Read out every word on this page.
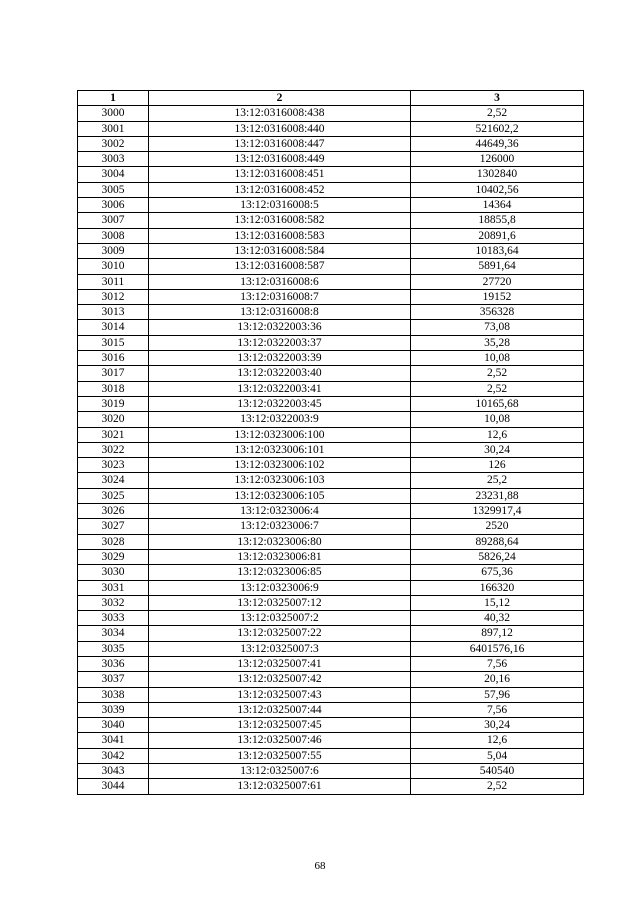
1	2	3
3000	13:12:0316008:438	2,52
3001	13:12:0316008:440	521602,2
3002	13:12:0316008:447	44649,36
3003	13:12:0316008:449	126000
3004	13:12:0316008:451	1302840
3005	13:12:0316008:452	10402,56
3006	13:12:0316008:5	14364
3007	13:12:0316008:582	18855,8
3008	13:12:0316008:583	20891,6
3009	13:12:0316008:584	10183,64
3010	13:12:0316008:587	5891,64
3011	13:12:0316008:6	27720
3012	13:12:0316008:7	19152
3013	13:12:0316008:8	356328
3014	13:12:0322003:36	73,08
3015	13:12:0322003:37	35,28
3016	13:12:0322003:39	10,08
3017	13:12:0322003:40	2,52
3018	13:12:0322003:41	2,52
3019	13:12:0322003:45	10165,68
3020	13:12:0322003:9	10,08
3021	13:12:0323006:100	12,6
3022	13:12:0323006:101	30,24
3023	13:12:0323006:102	126
3024	13:12:0323006:103	25,2
3025	13:12:0323006:105	23231,88
3026	13:12:0323006:4	1329917,4
3027	13:12:0323006:7	2520
3028	13:12:0323006:80	89288,64
3029	13:12:0323006:81	5826,24
3030	13:12:0323006:85	675,36
3031	13:12:0323006:9	166320
3032	13:12:0325007:12	15,12
3033	13:12:0325007:2	40,32
3034	13:12:0325007:22	897,12
3035	13:12:0325007:3	6401576,16
3036	13:12:0325007:41	7,56
3037	13:12:0325007:42	20,16
3038	13:12:0325007:43	57,96
3039	13:12:0325007:44	7,56
3040	13:12:0325007:45	30,24
3041	13:12:0325007:46	12,6
3042	13:12:0325007:55	5,04
3043	13:12:0325007:6	540540
3044	13:12:0325007:61	2,52
68
